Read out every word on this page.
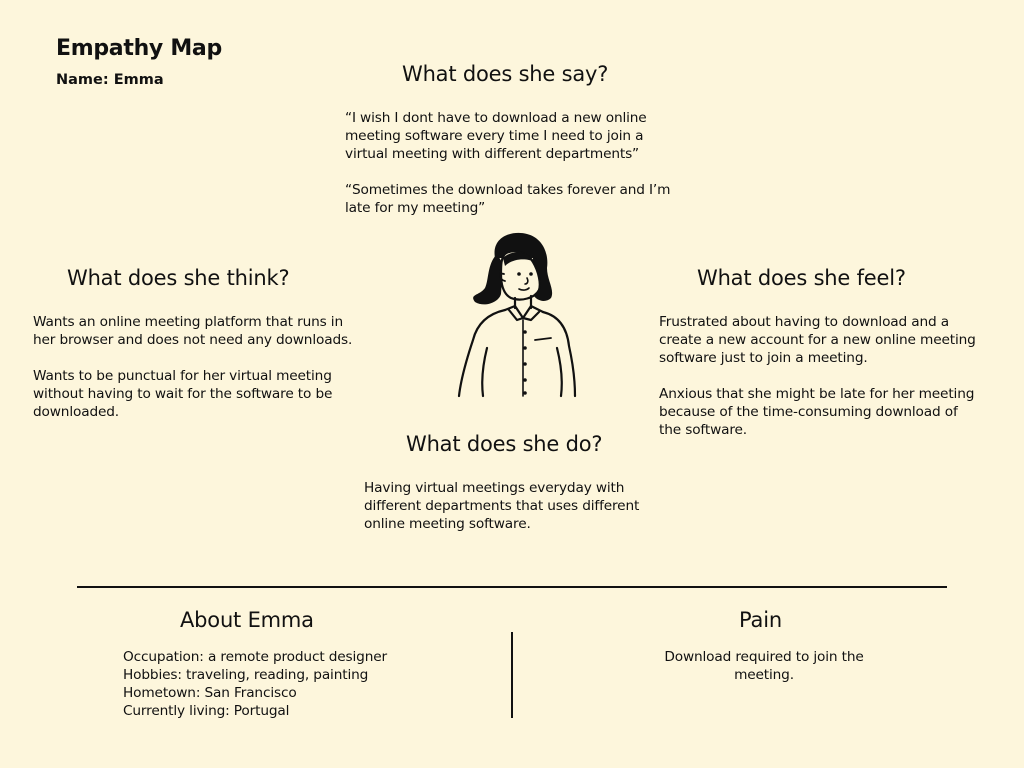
Empathy Map
Name: Emma	What does she say?

“I wish I dont have to download a new online meeting software every time I need to join a virtual meeting with different departments”

“Sometimes the download takes forever and I’m late for my meeting”

What does she think?

Wants an online meeting platform that runs in her browser and does not need any downloads.

Wants to be punctual for her virtual meeting without having to wait for the software to be downloaded.

What does she feel?

Frustrated about having to download and a create a new account for a new online meeting software just to join a meeting.

Anxious that she might be late for her meeting because of the time-consuming download of the software.

What does she do?
Having virtual meetings everyday with different departments that uses different online meeting software.
About Emma
Occupation: a remote product designer
Hobbies: traveling, reading, painting
Hometown: San Francisco
Currently living: Portugal
Pain
Download required to join the meeting.
